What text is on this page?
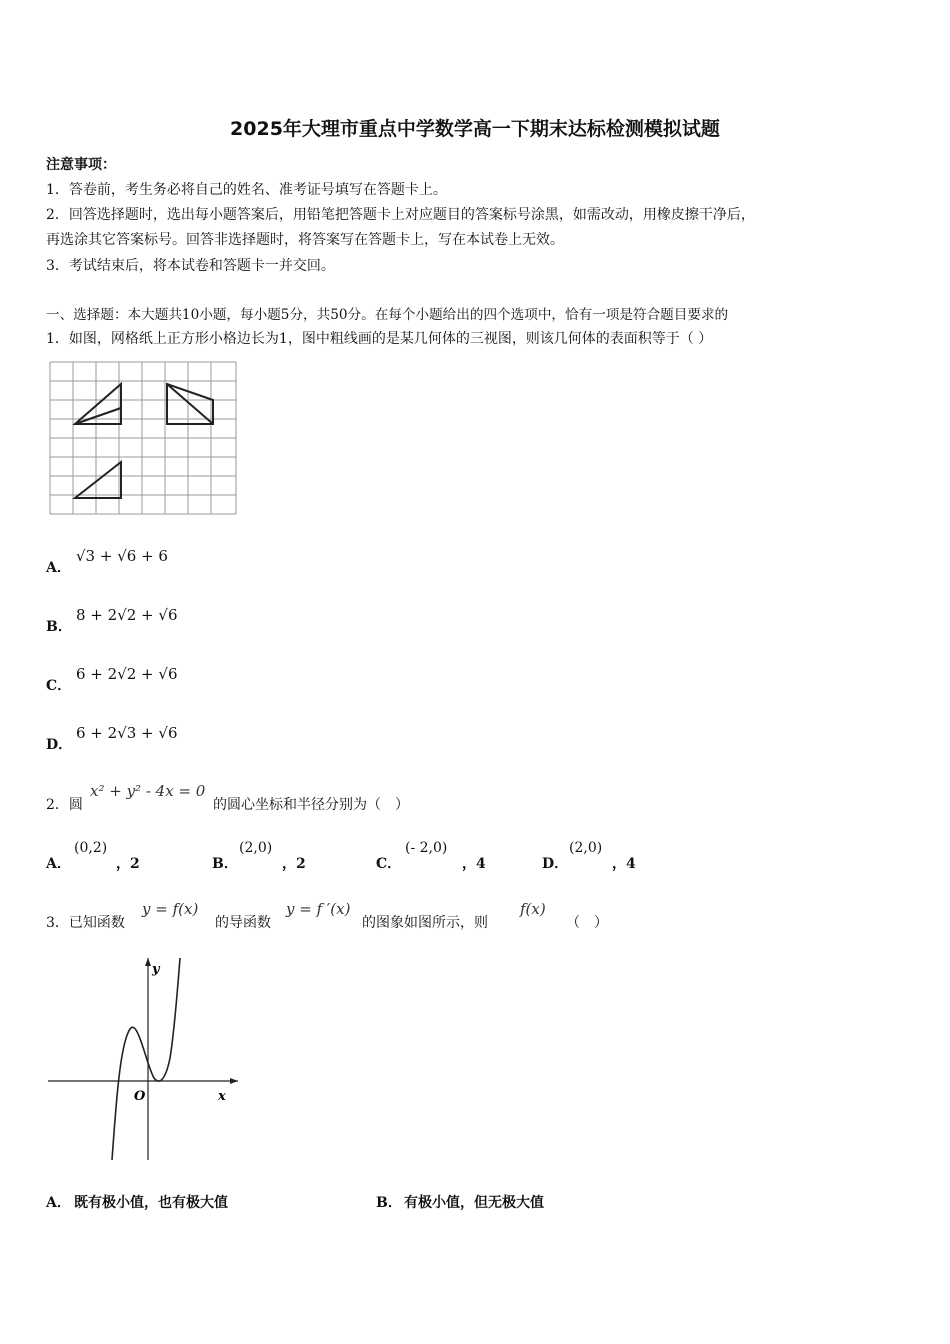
2025年大理市重点中学数学高一下期末达标检测模拟试题
注意事项：
1．答卷前，考生务必将自己的姓名、准考证号填写在答题卡上。
2．回答选择题时，选出每小题答案后，用铅笔把答题卡上对应题目的答案标号涂黑，如需改动，用橡皮擦干净后，
再选涂其它答案标号。回答非选择题时，将答案写在答题卡上，写在本试卷上无效。
3．考试结束后，将本试卷和答题卡一并交回。
一、选择题：本大题共10小题，每小题5分，共50分。在每个小题给出的四个选项中，恰有一项是符合题目要求的
1．如图，网格纸上正方形小格边长为1，图中粗线画的是某几何体的三视图，则该几何体的表面积等于（ ）
A．
√3 + √6 + 6
B．
8 + 2√2 + √6
C．
6 + 2√2 + √6
D．
6 + 2√3 + √6
2．圆
x² + y² - 4x = 0
的圆心坐标和半径分别为（　）
A．
(0,2)
，2	B．
(2,0)
，2	C．
(- 2,0)
，4	D．
(2,0)
，4
3．已知函数
y = f(x)
的导函数
y = f ′(x)
的图象如图所示，则
f(x)
（　）
y
x
O
A． 既有极小值，也有极大值	B． 有极小值，但无极大值
